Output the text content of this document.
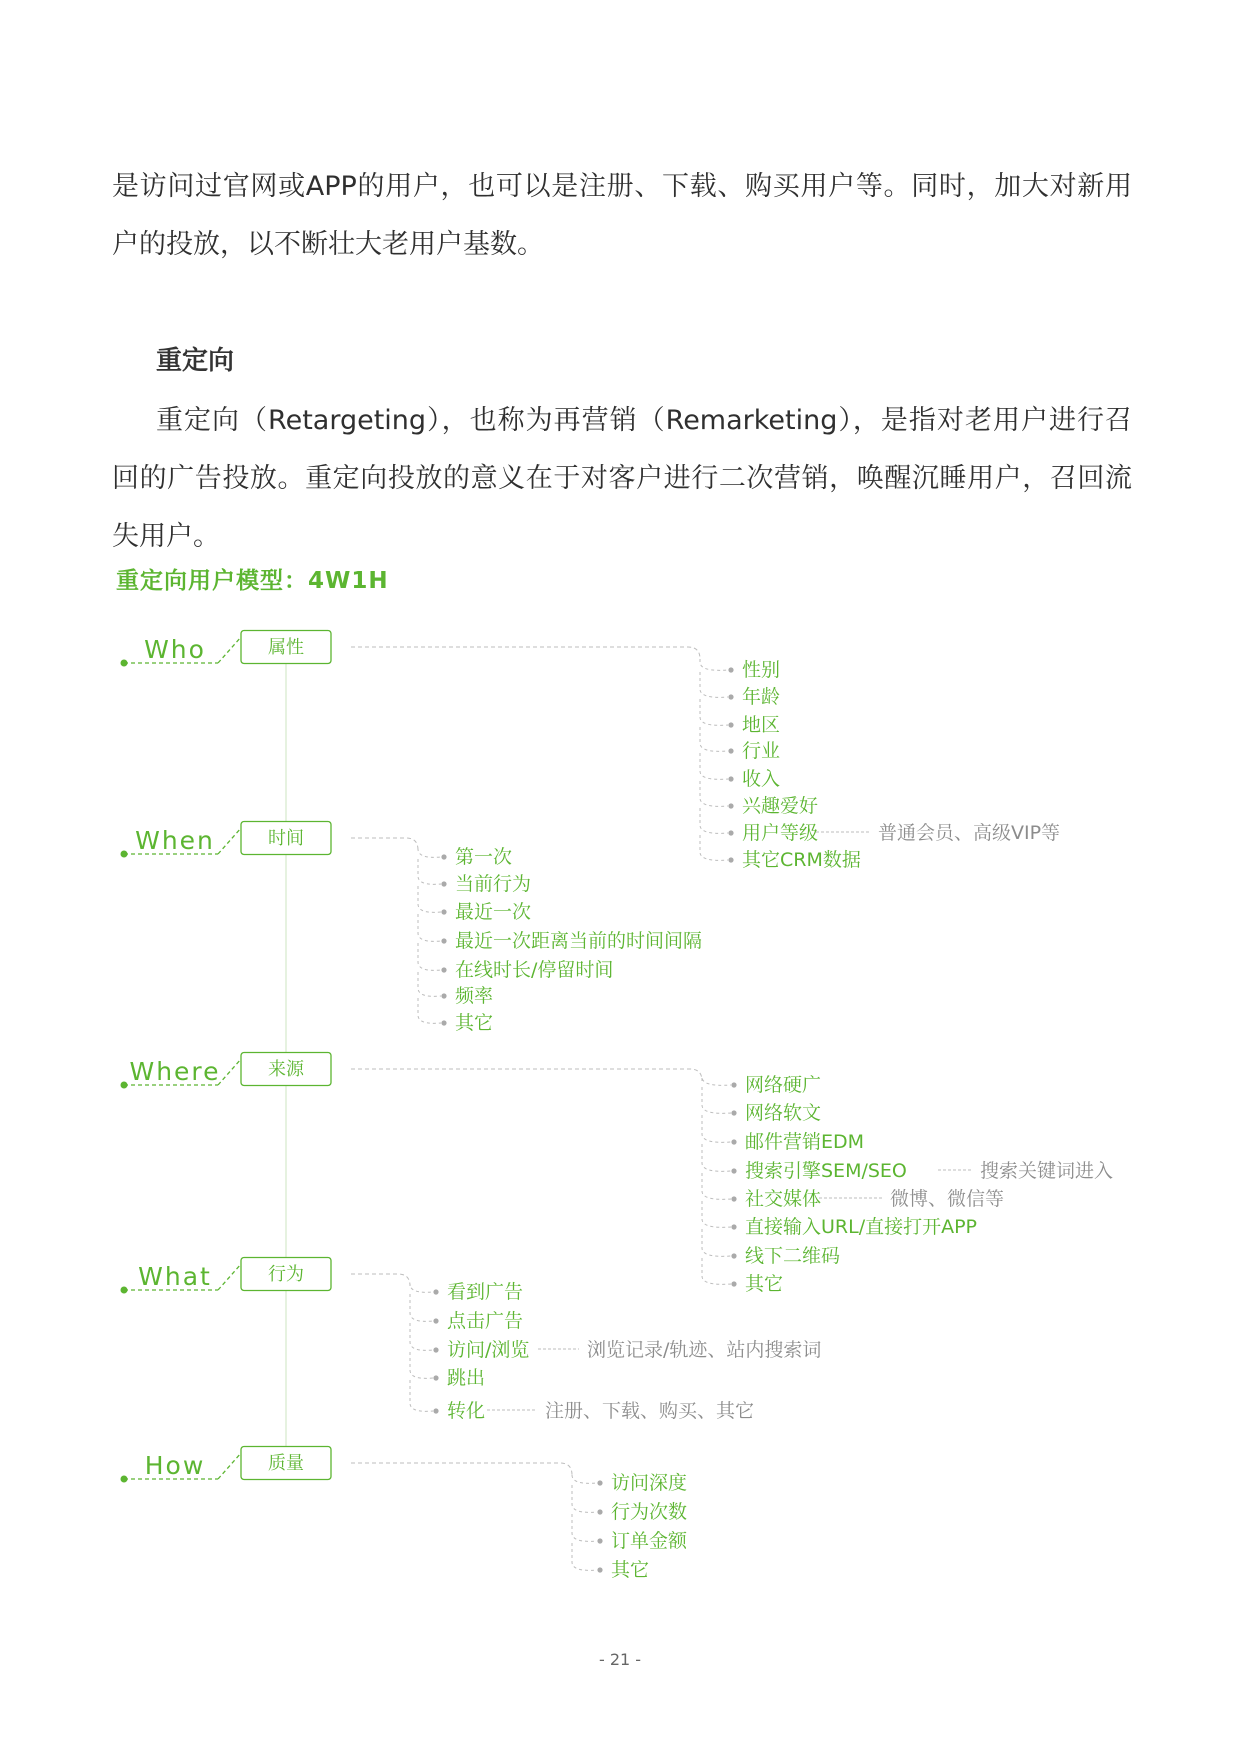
是访问过官网或APP的用户，也可以是注册、下载、购买用户等。同时，加大对新用户的投放，以不断壮大老用户基数。

重定向

重定向（Retargeting），也称为再营销（Remarketing），是指对老用户进行召回的广告投放。重定向投放的意义在于对客户进行二次营销，唤醒沉睡用户，召回流失用户。

重定向用户模型：4W1H

Who	属性
性别
年龄
地区
行业
收入
兴趣爱好
用户等级	普通会员、高级VIP等
其它CRM数据
When	时间
第一次
当前行为
最近一次
最近一次距离当前的时间间隔
在线时长/停留时间
频率
其它
Where	来源
网络硬广
网络软文
邮件营销EDM
搜索引擎SEM/SEO	搜索关键词进入
社交媒体	微博、微信等
直接输入URL/直接打开APP
线下二维码
其它
What	行为
看到广告
点击广告
访问/浏览	浏览记录/轨迹、站内搜索词
跳出
转化	注册、下载、购买、其它
How	质量
访问深度
行为次数
订单金额
其它

- 21 -
